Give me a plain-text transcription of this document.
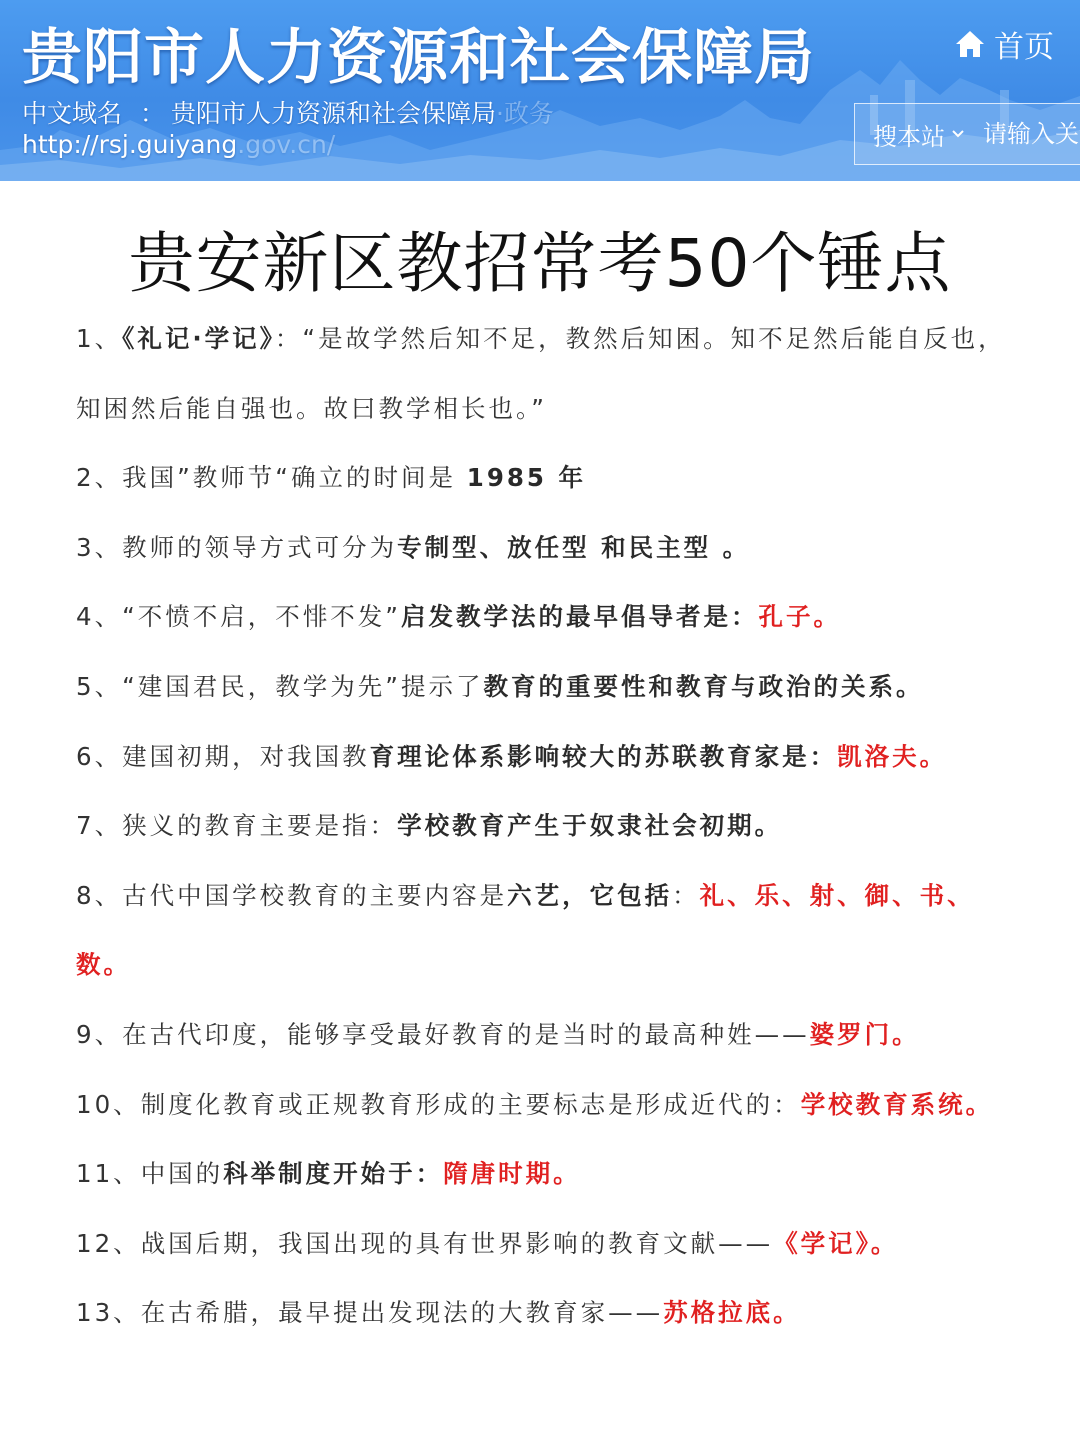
贵阳市人力资源和社会保障局
中文域名 ： 贵阳市人力资源和社会保障局·政务
http://rsj.guiyang.gov.cn/
首页
搜本站
请输入关键字
贵安新区教招常考50个锤点
1、《礼记·学记》：“是故学然后知不足，教然后知困。知不足然后能自反也，知困然后能自强也。故曰教学相长也。”
2、我国”教师节“确立的时间是 1985 年
3、教师的领导方式可分为专制型、放任型 和民主型 。
4、“不愤不启，不悱不发”启发教学法的最早倡导者是：孔子。
5、“建国君民，教学为先”提示了教育的重要性和教育与政治的关系。
6、建国初期，对我国教育理论体系影响较大的苏联教育家是：凯洛夫。
7、狭义的教育主要是指：学校教育产生于奴隶社会初期。
8、古代中国学校教育的主要内容是六艺，它包括：礼、乐、射、御、书、数。
9、在古代印度，能够享受最好教育的是当时的最高种姓——婆罗门。
10、制度化教育或正规教育形成的主要标志是形成近代的：学校教育系统。
11、中国的科举制度开始于：隋唐时期。
12、战国后期，我国出现的具有世界影响的教育文献——《学记》。
13、在古希腊，最早提出发现法的大教育家——苏格拉底。
